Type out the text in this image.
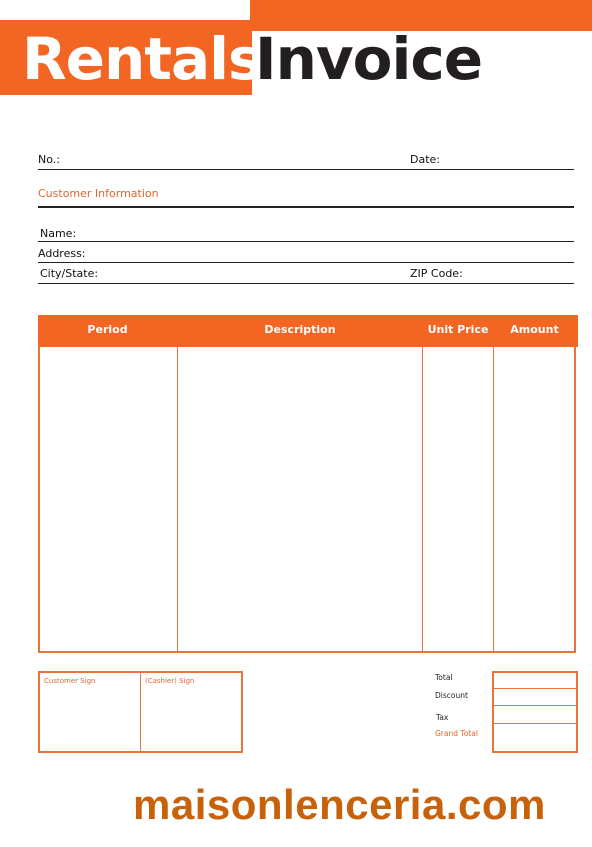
Rentals
Invoice
No.:	Date:
Customer Information
Name:
Address:
City/State:	ZIP Code:
Period	Description	Unit Price	Amount
Customer Sign	(Cashier) Sign	Total
Discount
Tax
Grand Total
maisonlenceria.com
